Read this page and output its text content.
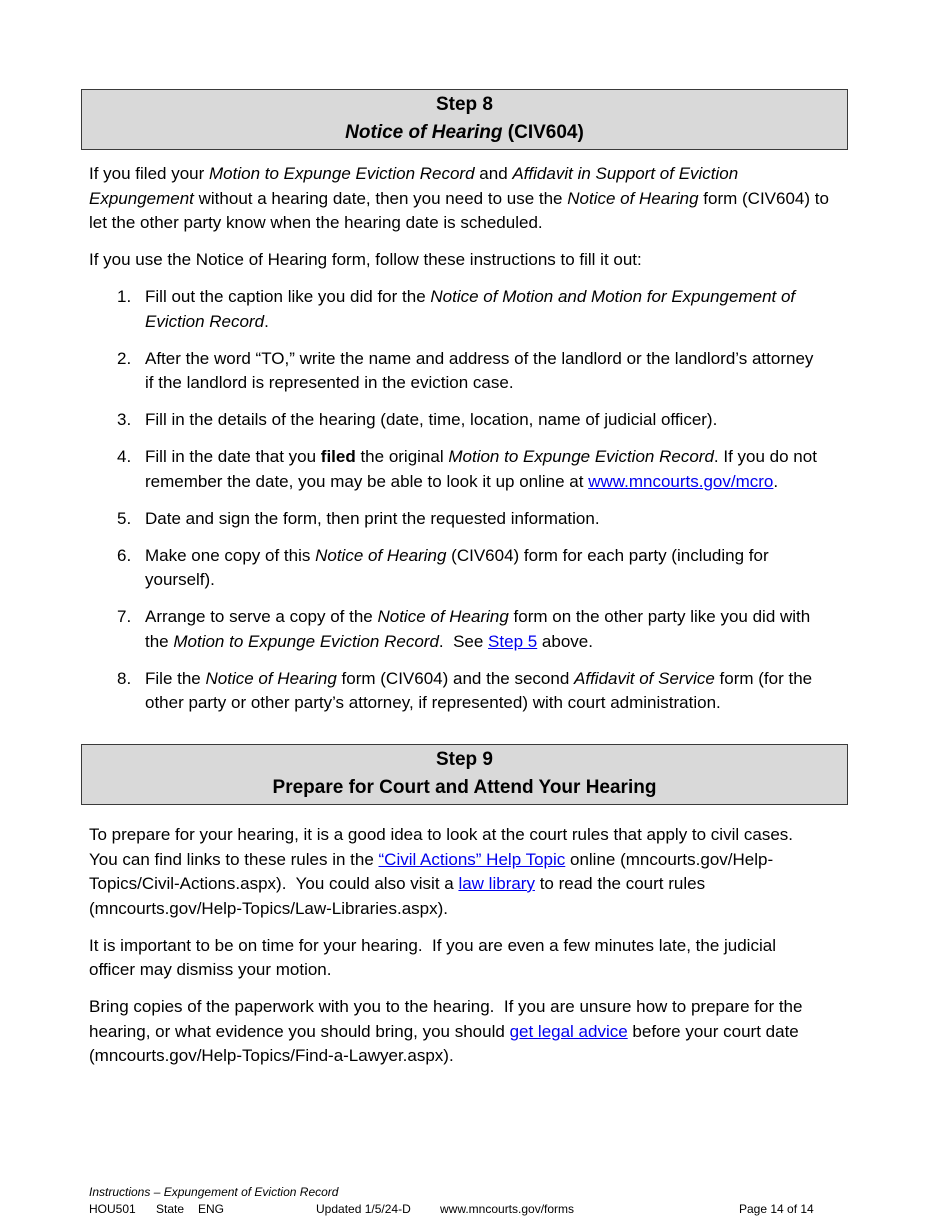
Step 8
Notice of Hearing (CIV604)

If you filed your Motion to Expunge Eviction Record and Affidavit in Support of Eviction
Expungement without a hearing date, then you need to use the Notice of Hearing form (CIV604) to
let the other party know when the hearing date is scheduled.

If you use the Notice of Hearing form, follow these instructions to fill it out:

1. Fill out the caption like you did for the Notice of Motion and Motion for Expungement of
Eviction Record.
2. After the word “TO,” write the name and address of the landlord or the landlord’s attorney
if the landlord is represented in the eviction case.
3. Fill in the details of the hearing (date, time, location, name of judicial officer).
4. Fill in the date that you filed the original Motion to Expunge Eviction Record. If you do not
remember the date, you may be able to look it up online at www.mncourts.gov/mcro.
5. Date and sign the form, then print the requested information.
6. Make one copy of this Notice of Hearing (CIV604) form for each party (including for
yourself).
7. Arrange to serve a copy of the Notice of Hearing form on the other party like you did with
the Motion to Expunge Eviction Record.  See Step 5 above.
8. File the Notice of Hearing form (CIV604) and the second Affidavit of Service form (for the
other party or other party’s attorney, if represented) with court administration.
Step 9
Prepare for Court and Attend Your Hearing

To prepare for your hearing, it is a good idea to look at the court rules that apply to civil cases.
You can find links to these rules in the “Civil Actions” Help Topic online (mncourts.gov/Help-
Topics/Civil-Actions.aspx).  You could also visit a law library to read the court rules
(mncourts.gov/Help-Topics/Law-Libraries.aspx).

It is important to be on time for your hearing.  If you are even a few minutes late, the judicial
officer may dismiss your motion.

Bring copies of the paperwork with you to the hearing.  If you are unsure how to prepare for the
hearing, or what evidence you should bring, you should get legal advice before your court date
(mncourts.gov/Help-Topics/Find-a-Lawyer.aspx).

Instructions – Expungement of Eviction Record
HOU501 State ENG	Updated 1/5/24-D www.mncourts.gov/forms	Page 14 of 14
